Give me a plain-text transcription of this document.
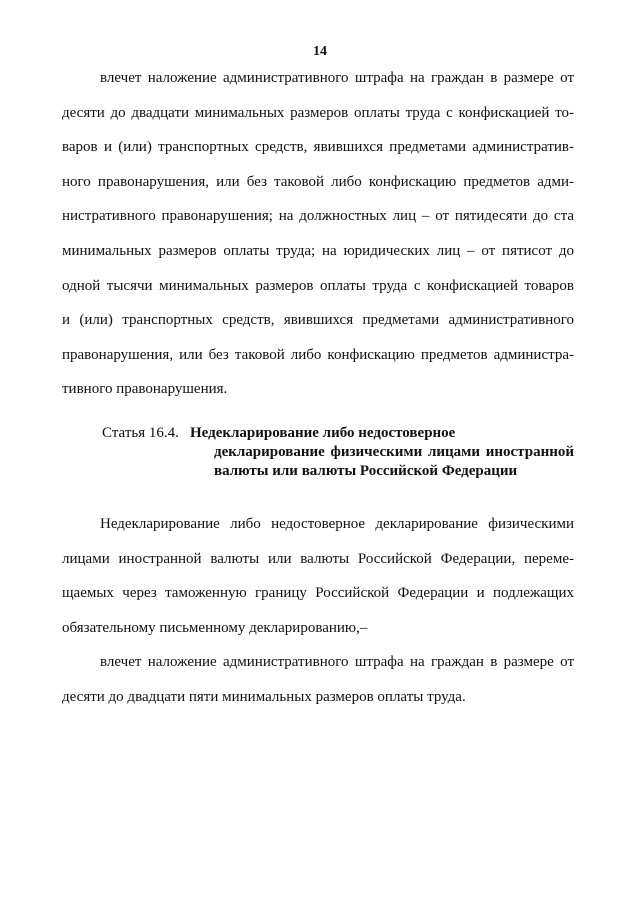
14
влечет наложение административного штрафа на граждан в размере от
десяти до двадцати минимальных размеров оплаты труда с конфискацией то-
варов и (или) транспортных средств, явившихся предметами административ-
ного правонарушения, или без таковой либо конфискацию предметов адми-
нистративного правонарушения; на должностных лиц – от пятидесяти до ста
минимальных размеров оплаты труда; на юридических лиц – от пятисот до
одной тысячи минимальных размеров оплаты труда с конфискацией товаров
и (или) транспортных средств, явившихся предметами административного
правонарушения, или без таковой либо конфискацию предметов администра-
тивного правонарушения.
Статья 16.4. Недекларирование либо недостоверное
декларирование физическими лицами иностранной
валюты или валюты Российской Федерации
Недекларирование либо недостоверное декларирование физическими
лицами иностранной валюты или валюты Российской Федерации, переме-
щаемых через таможенную границу Российской Федерации и подлежащих
обязательному письменному декларированию,–
влечет наложение административного штрафа на граждан в размере от
десяти до двадцати пяти минимальных размеров оплаты труда.
